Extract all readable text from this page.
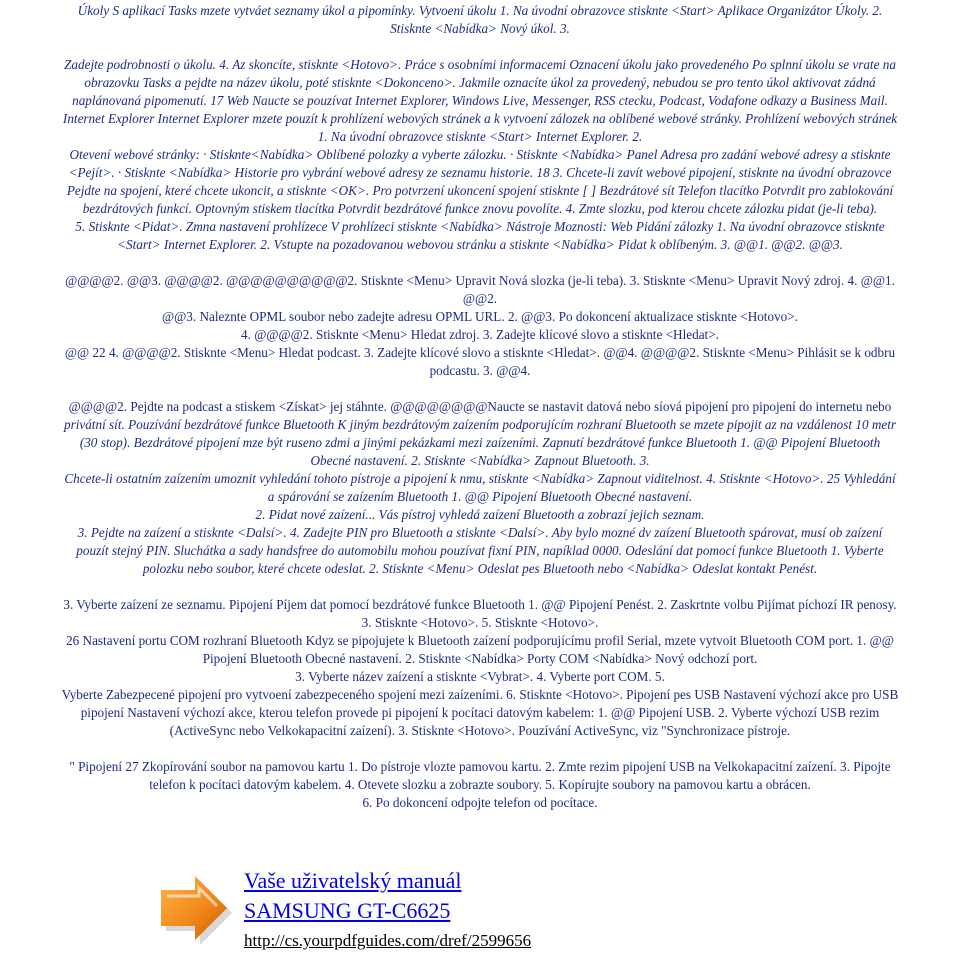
Úkoly S aplikací Tasks mzete vytváet seznamy úkol a pipomínky. Vytvoení úkolu 1. Na úvodní obrazovce stisknte <Start> Aplikace Organizátor Úkoly. 2.

Stisknte <Nabídka> Nový úkol. 3.

Zadejte podrobnosti o úkolu. 4. Az skoncíte, stisknte <Hotovo>. Práce s osobními informacemi Oznacení úkolu jako provedeného Po splnní úkolu se vrate na

obrazovku Tasks a pejdte na název úkolu, poté stisknte <Dokonceno>. Jakmile oznacíte úkol za provedený, nebudou se pro tento úkol aktivovat zádná

naplánovaná pipomenutí. 17 Web Naucte se pouzívat Internet Explorer, Windows Live, Messenger, RSS ctecku, Podcast, Vodafone odkazy a Business Mail.

Internet Explorer Internet Explorer mzete pouzít k prohlízení webových stránek a k vytvoení zálozek na oblíbené webové stránky. Prohlízení webových stránek

1. Na úvodní obrazovce stisknte <Start> Internet Explorer. 2.

Otevení webové stránky: · Stisknte<Nabídka> Oblíbené polozky a vyberte zálozku. · Stisknte <Nabídka> Panel Adresa pro zadání webové adresy a stisknte

<Pejít>. · Stisknte <Nabídka> Historie pro vybrání webové adresy ze seznamu historie. 18 3. Chcete-li zavít webové pipojení, stisknte na úvodní obrazovce

Pejdte na spojení, které chcete ukoncit, a stisknte <OK>. Pro potvrzení ukoncení spojení stisknte [ ] Bezdrátové sít Telefon tlacítko Potvrdit pro zablokování

bezdrátových funkcí. Optovným stiskem tlacítka Potvrdit bezdrátové funkce znovu povolíte. 4. Zmte slozku, pod kterou chcete zálozku pidat (je-li teba).

5. Stisknte <Pidat>. Zmna nastavení prohlízece V prohlízeci stisknte <Nabídka> Nástroje Moznosti: Web Pidání zálozky 1. Na úvodní obrazovce stisknte

<Start> Internet Explorer. 2. Vstupte na pozadovanou webovou stránku a stisknte <Nabídka> Pidat k oblíbeným. 3. @@1. @@2. @@3.

@@@@2. @@3. @@@@2. @@@@@@@@@@2. Stisknte <Menu> Upravit Nová slozka (je-li teba). 3. Stisknte <Menu> Upravit Nový zdroj. 4. @@1.

@@2.

@@3. Naleznte OPML soubor nebo zadejte adresu OPML URL. 2. @@3. Po dokoncení aktualizace stisknte <Hotovo>.

4. @@@@2. Stisknte <Menu> Hledat zdroj. 3. Zadejte klícové slovo a stisknte <Hledat>.

@@ 22 4. @@@@2. Stisknte <Menu> Hledat podcast. 3. Zadejte klícové slovo a stisknte <Hledat>. @@4. @@@@2. Stisknte <Menu> Pihlásit se k odbru

podcastu. 3. @@4.

@@@@2. Pejdte na podcast a stiskem <Získat> jej stáhnte. @@@@@@@@Naucte se nastavit datová nebo síová pipojení pro pipojení do internetu nebo

privátní sít. Pouzívání bezdrátové funkce Bluetooth K jiným bezdrátovým zaízením podporujícím rozhraní Bluetooth se mzete pipojit az na vzdálenost 10 metr

(30 stop). Bezdrátové pipojení mze být ruseno zdmi a jinými pekázkami mezi zaízeními. Zapnutí bezdrátové funkce Bluetooth 1. @@ Pipojení Bluetooth

Obecné nastavení. 2. Stisknte <Nabídka> Zapnout Bluetooth. 3.

Chcete-li ostatním zaízením umoznit vyhledání tohoto pístroje a pipojení k nmu, stisknte <Nabídka> Zapnout viditelnost. 4. Stisknte <Hotovo>. 25 Vyhledání

a spárování se zaízením Bluetooth 1. @@ Pipojení Bluetooth Obecné nastavení.

2. Pidat nové zaízení... Vás pístroj vyhledá zaízení Bluetooth a zobrazí jejich seznam.

3. Pejdte na zaízení a stisknte <Dalsí>. 4. Zadejte PIN pro Bluetooth a stisknte <Dalsí>. Aby bylo mozné dv zaízení Bluetooth spárovat, musí ob zaízení

pouzít stejný PIN. Sluchátka a sady handsfree do automobilu mohou pouzívat fixní PIN, napíklad 0000. Odeslání dat pomocí funkce Bluetooth 1. Vyberte

polozku nebo soubor, které chcete odeslat. 2. Stisknte <Menu> Odeslat pes Bluetooth nebo <Nabídka> Odeslat kontakt Penést.

3. Vyberte zaízení ze seznamu. Pipojení Píjem dat pomocí bezdrátové funkce Bluetooth 1. @@ Pipojení Penést. 2. Zaskrtnte volbu Pijímat píchozí IR penosy.

3. Stisknte <Hotovo>. 5. Stisknte <Hotovo>.

26 Nastavení portu COM rozhraní Bluetooth Kdyz se pipojujete k Bluetooth zaízení podporujícímu profil Serial, mzete vytvoit Bluetooth COM port. 1. @@

Pipojení Bluetooth Obecné nastavení. 2. Stisknte <Nabídka> Porty COM <Nabídka> Nový odchozí port.

3. Vyberte název zaízení a stisknte <Vybrat>. 4. Vyberte port COM. 5.

Vyberte Zabezpecené pipojení pro vytvoení zabezpeceného spojení mezi zaízeními. 6. Stisknte <Hotovo>. Pipojení pes USB Nastavení výchozí akce pro USB

pipojení Nastavení výchozí akce, kterou telefon provede pi pipojení k pocítaci datovým kabelem: 1. @@ Pipojení USB. 2. Vyberte výchozí USB rezim

(ActiveSync nebo Velkokapacitní zaízení). 3. Stisknte <Hotovo>. Pouzívání ActiveSync, viz "Synchronizace pístroje.

" Pipojení 27 Zkopírování soubor na pamovou kartu 1. Do pístroje vlozte pamovou kartu. 2. Zmte rezim pipojení USB na Velkokapacitní zaízení. 3. Pipojte

telefon k pocítaci datovým kabelem. 4. Otevete slozku a zobrazte soubory. 5. Kopírujte soubory na pamovou kartu a obrácen.

6. Po dokoncení odpojte telefon od pocítace.

Vaše uživatelský manuál
SAMSUNG GT-C6625
http://cs.yourpdfguides.com/dref/2599656
